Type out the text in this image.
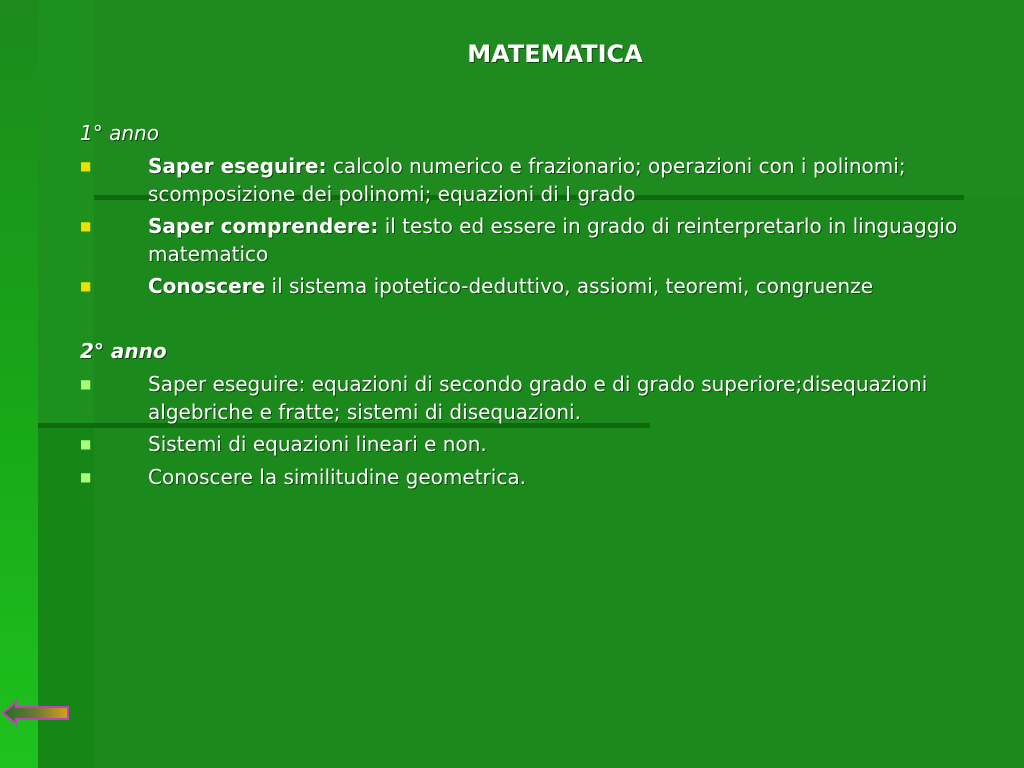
MATEMATICA
1° anno
■	Saper eseguire: calcolo numerico e frazionario; operazioni con i polinomi; scomposizione dei polinomi; equazioni di I grado
■	Saper comprendere: il testo ed essere in grado di reinterpretarlo in linguaggio matematico
■	Conoscere il sistema ipotetico-deduttivo, assiomi, teoremi, congruenze
2° anno
■	Saper eseguire: equazioni di secondo grado e di grado superiore;disequazioni algebriche e fratte; sistemi di disequazioni.
■	Sistemi di equazioni lineari e non.
■	Conoscere la similitudine geometrica.
